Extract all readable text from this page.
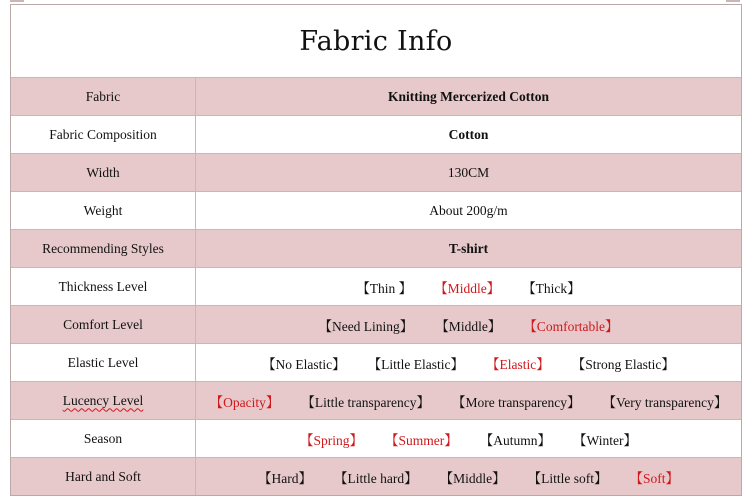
Fabric Info
Fabric	Knitting Mercerized Cotton
Fabric Composition	Cotton
Width	130CM
Weight	About 200g/m
Recommending Styles	T-shirt
Thickness Level	【Thin 】 【Middle】 【Thick】

Comfort Level	【Need Lining】 【Middle】 【Comfortable】

Elastic Level	【No Elastic】 【Little Elastic】 【Elastic】 【Strong Elastic】

Lucency Level	【Opacity】 【Little transparency】 【More transparency】 【Very transparency】

Season	【Spring】 【Summer】 【Autumn】 【Winter】

Hard and Soft	【Hard】 【Little hard】 【Middle】 【Little soft】 【Soft】
